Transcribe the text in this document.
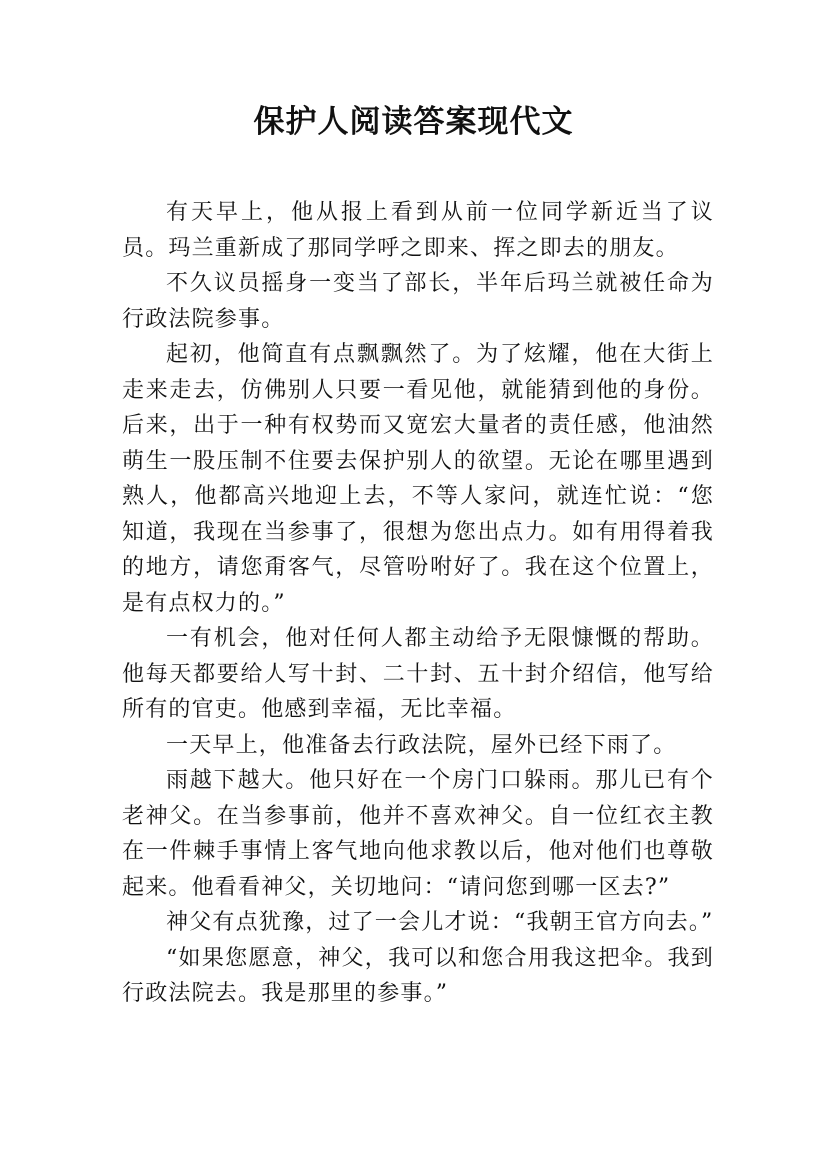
保护人阅读答案现代文

有天早上，他从报上看到从前一位同学新近当了议员。玛兰重新成了那同学呼之即来、挥之即去的朋友。

不久议员摇身一变当了部长，半年后玛兰就被任命为行政法院参事。

起初，他简直有点飘飘然了。为了炫耀，他在大街上走来走去，仿佛别人只要一看见他，就能猜到他的身份。后来，出于一种有权势而又宽宏大量者的责任感，他油然萌生一股压制不住要去保护别人的欲望。无论在哪里遇到熟人，他都高兴地迎上去，不等人家问，就连忙说：“您知道，我现在当参事了，很想为您出点力。如有用得着我的地方，请您甭客气，尽管吩咐好了。我在这个位置上，是有点权力的。”

一有机会，他对任何人都主动给予无限慷慨的帮助。他每天都要给人写十封、二十封、五十封介绍信，他写给所有的官吏。他感到幸福，无比幸福。

一天早上，他准备去行政法院，屋外已经下雨了。

雨越下越大。他只好在一个房门口躲雨。那儿已有个老神父。在当参事前，他并不喜欢神父。自一位红衣主教在一件棘手事情上客气地向他求教以后，他对他们也尊敬起来。他看看神父，关切地问：“请问您到哪一区去?”

神父有点犹豫，过了一会儿才说：“我朝王官方向去。”

“如果您愿意，神父，我可以和您合用我这把伞。我到行政法院去。我是那里的参事。”
